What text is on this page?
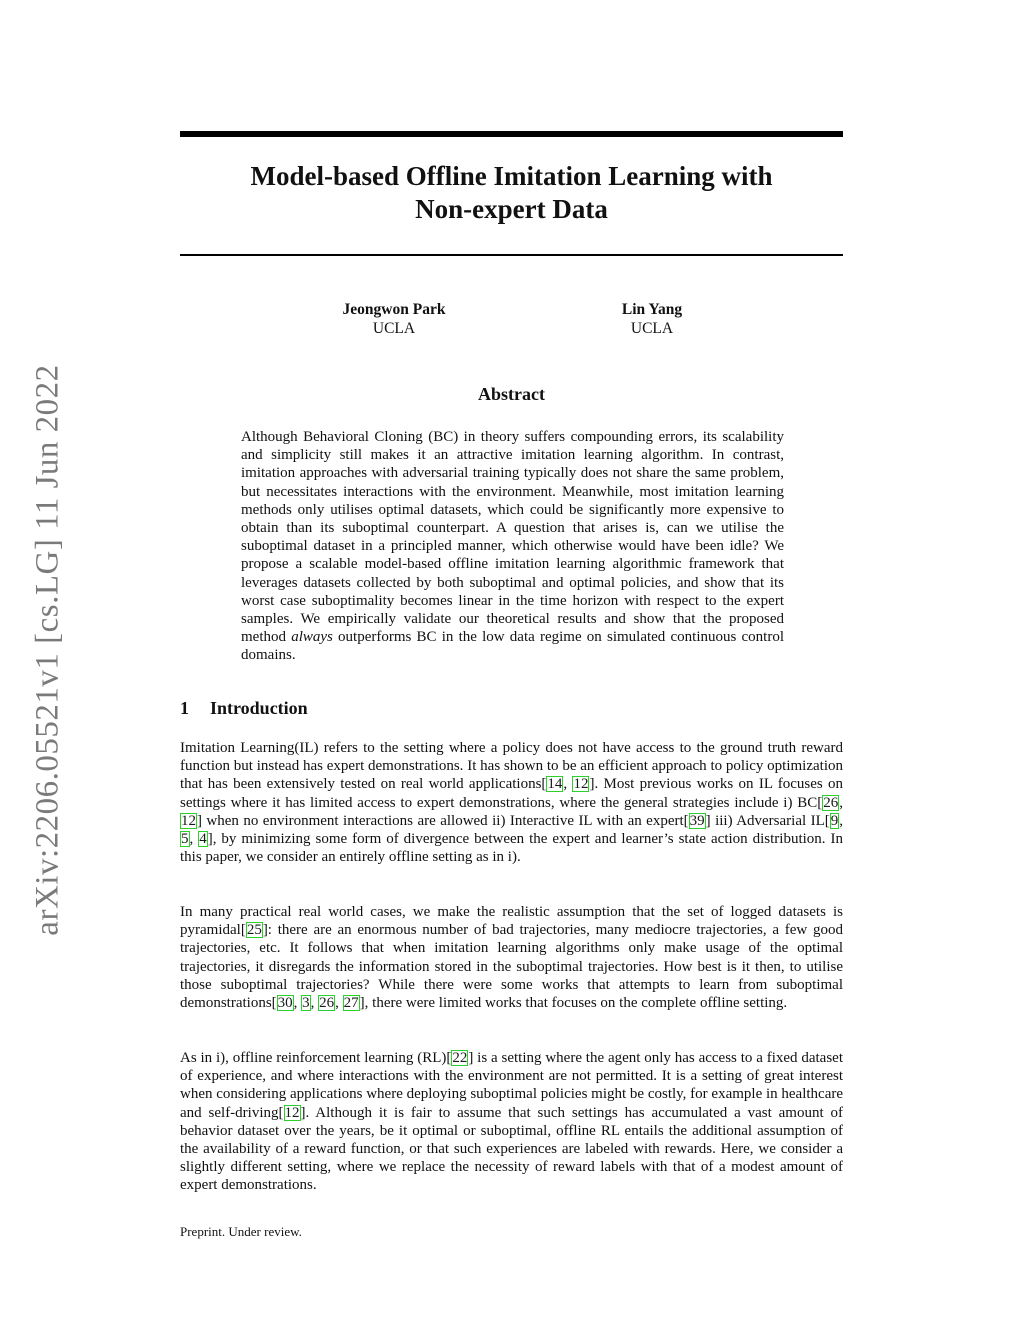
arXiv:2206.05521v1 [cs.LG] 11 Jun 2022
Model-based Offline Imitation Learning with
Non-expert Data
Jeongwon Park
UCLA
Lin Yang
UCLA
Abstract

Although Behavioral Cloning (BC) in theory suffers compounding errors, its scalability and simplicity still makes it an attractive imitation learning algorithm. In contrast, imitation approaches with adversarial training typically does not share the same problem, but necessitates interactions with the environment. Meanwhile, most imitation learning methods only utilises optimal datasets, which could be significantly more expensive to obtain than its suboptimal counterpart. A question that arises is, can we utilise the suboptimal dataset in a principled manner, which otherwise would have been idle? We propose a scalable model-based offline imitation learning algorithmic framework that leverages datasets collected by both suboptimal and optimal policies, and show that its worst case suboptimality becomes linear in the time horizon with respect to the expert samples. We empirically validate our theoretical results and show that the proposed method always outperforms BC in the low data regime on simulated continuous control domains.

1 Introduction

Imitation Learning(IL) refers to the setting where a policy does not have access to the ground truth reward function but instead has expert demonstrations. It has shown to be an efficient approach to policy optimization that has been extensively tested on real world applications[14, 12]. Most previous works on IL focuses on settings where it has limited access to expert demonstrations, where the general strategies include i) BC[26, 12] when no environment interactions are allowed ii) Interactive IL with an expert[39] iii) Adversarial IL[9, 5, 4], by minimizing some form of divergence between the expert and learner’s state action distribution. In this paper, we consider an entirely offline setting as in i).

In many practical real world cases, we make the realistic assumption that the set of logged datasets is pyramidal[25]: there are an enormous number of bad trajectories, many mediocre trajectories, a few good trajectories, etc. It follows that when imitation learning algorithms only make usage of the optimal trajectories, it disregards the information stored in the suboptimal trajectories. How best is it then, to utilise those suboptimal trajectories? While there were some works that attempts to learn from suboptimal demonstrations[30, 3, 26, 27], there were limited works that focuses on the complete offline setting.

As in i), offline reinforcement learning (RL)[22] is a setting where the agent only has access to a fixed dataset of experience, and where interactions with the environment are not permitted. It is a setting of great interest when considering applications where deploying suboptimal policies might be costly, for example in healthcare and self-driving[12]. Although it is fair to assume that such settings has accumulated a vast amount of behavior dataset over the years, be it optimal or suboptimal, offline RL entails the additional assumption of the availability of a reward function, or that such experiences are labeled with rewards. Here, we consider a slightly different setting, where we replace the necessity of reward labels with that of a modest amount of expert demonstrations.

Preprint. Under review.
